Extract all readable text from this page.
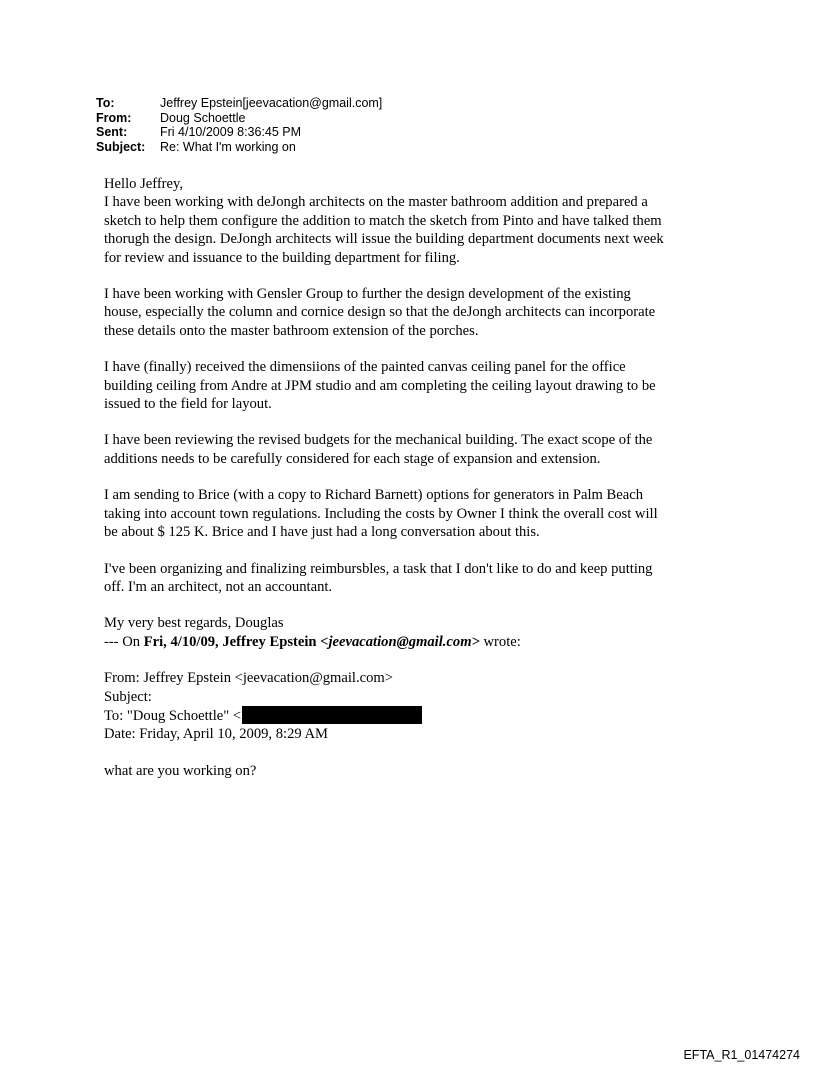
To:	Jeffrey Epstein[jeevacation@gmail.com]
From:	Doug Schoettle
Sent:	Fri 4/10/2009 8:36:45 PM
Subject:	Re: What I'm working on
Hello Jeffrey,
I have been working with deJongh architects on the master bathroom addition and prepared a
sketch to help them configure the addition to match the sketch from Pinto and have talked them
thorugh the design. DeJongh architects will issue the building department documents next week
for review and issuance to the building department for filing.
I have been working with Gensler Group to further the design development of the existing
house, especially the column and cornice design so that the deJongh architects can incorporate
these details onto the master bathroom extension of the porches.
I have (finally) received the dimensiions of the painted canvas ceiling panel for the office
building ceiling from Andre at JPM studio and am completing the ceiling layout drawing to be
issued to the field for layout.
I have been reviewing the revised budgets for the mechanical building. The exact scope of the
additions needs to be carefully considered for each stage of expansion and extension.
I am sending to Brice (with a copy to Richard Barnett) options for generators in Palm Beach
taking into account town regulations. Including the costs by Owner I think the overall cost will
be about $ 125 K. Brice and I have just had a long conversation about this.
I've been organizing and finalizing reimbursbles, a task that I don't like to do and keep putting
off. I'm an architect, not an accountant.
My very best regards, Douglas
--- On Fri, 4/10/09, Jeffrey Epstein <jeevacation@gmail.com> wrote:
From: Jeffrey Epstein <jeevacation@gmail.com>
Subject:
To: "Doug Schoettle" <
Date: Friday, April 10, 2009, 8:29 AM
what are you working on?
EFTA_R1_01474274
